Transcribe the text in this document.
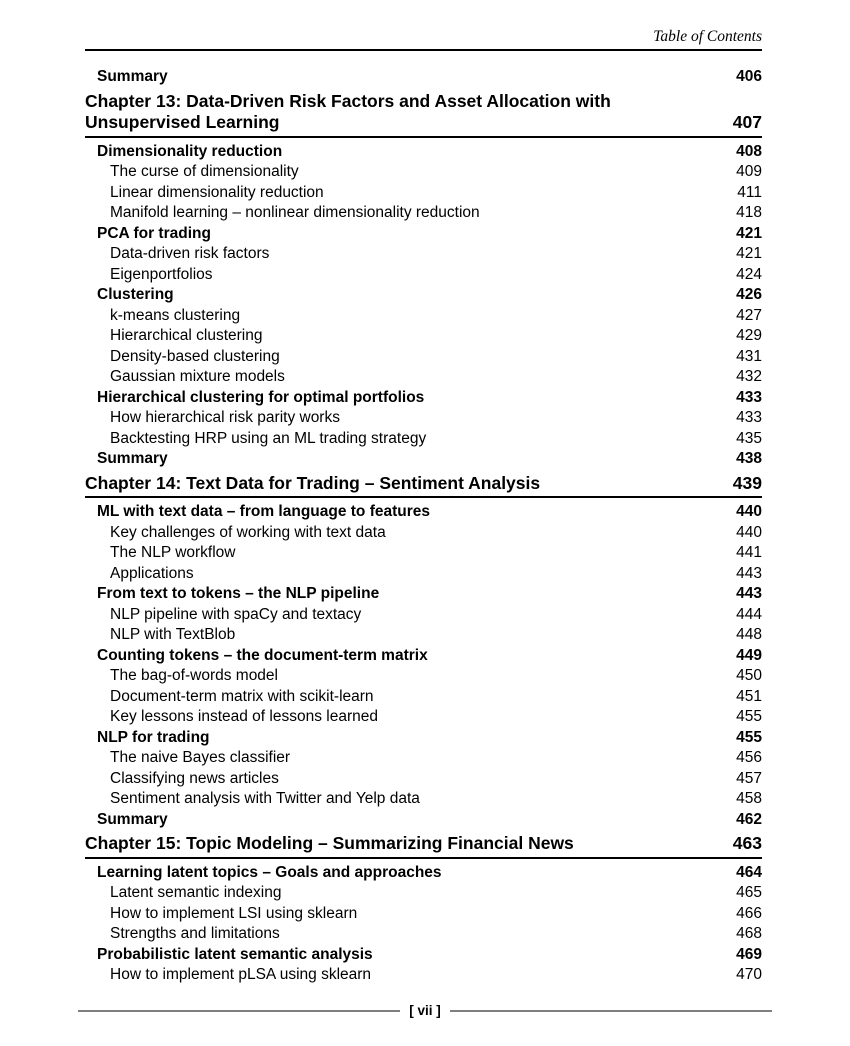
Table of Contents
Summary	406
Chapter 13: Data-Driven Risk Factors and Asset Allocation with Unsupervised Learning	407
Dimensionality reduction	408
The curse of dimensionality	409
Linear dimensionality reduction	411
Manifold learning – nonlinear dimensionality reduction	418
PCA for trading	421
Data-driven risk factors	421
Eigenportfolios	424
Clustering	426
k-means clustering	427
Hierarchical clustering	429
Density-based clustering	431
Gaussian mixture models	432
Hierarchical clustering for optimal portfolios	433
How hierarchical risk parity works	433
Backtesting HRP using an ML trading strategy	435
Summary	438
Chapter 14: Text Data for Trading – Sentiment Analysis	439
ML with text data – from language to features	440
Key challenges of working with text data	440
The NLP workflow	441
Applications	443
From text to tokens – the NLP pipeline	443
NLP pipeline with spaCy and textacy	444
NLP with TextBlob	448
Counting tokens – the document-term matrix	449
The bag-of-words model	450
Document-term matrix with scikit-learn	451
Key lessons instead of lessons learned	455
NLP for trading	455
The naive Bayes classifier	456
Classifying news articles	457
Sentiment analysis with Twitter and Yelp data	458
Summary	462
Chapter 15: Topic Modeling – Summarizing Financial News	463
Learning latent topics – Goals and approaches	464
Latent semantic indexing	465
How to implement LSI using sklearn	466
Strengths and limitations	468
Probabilistic latent semantic analysis	469
How to implement pLSA using sklearn	470
[ vii ]
